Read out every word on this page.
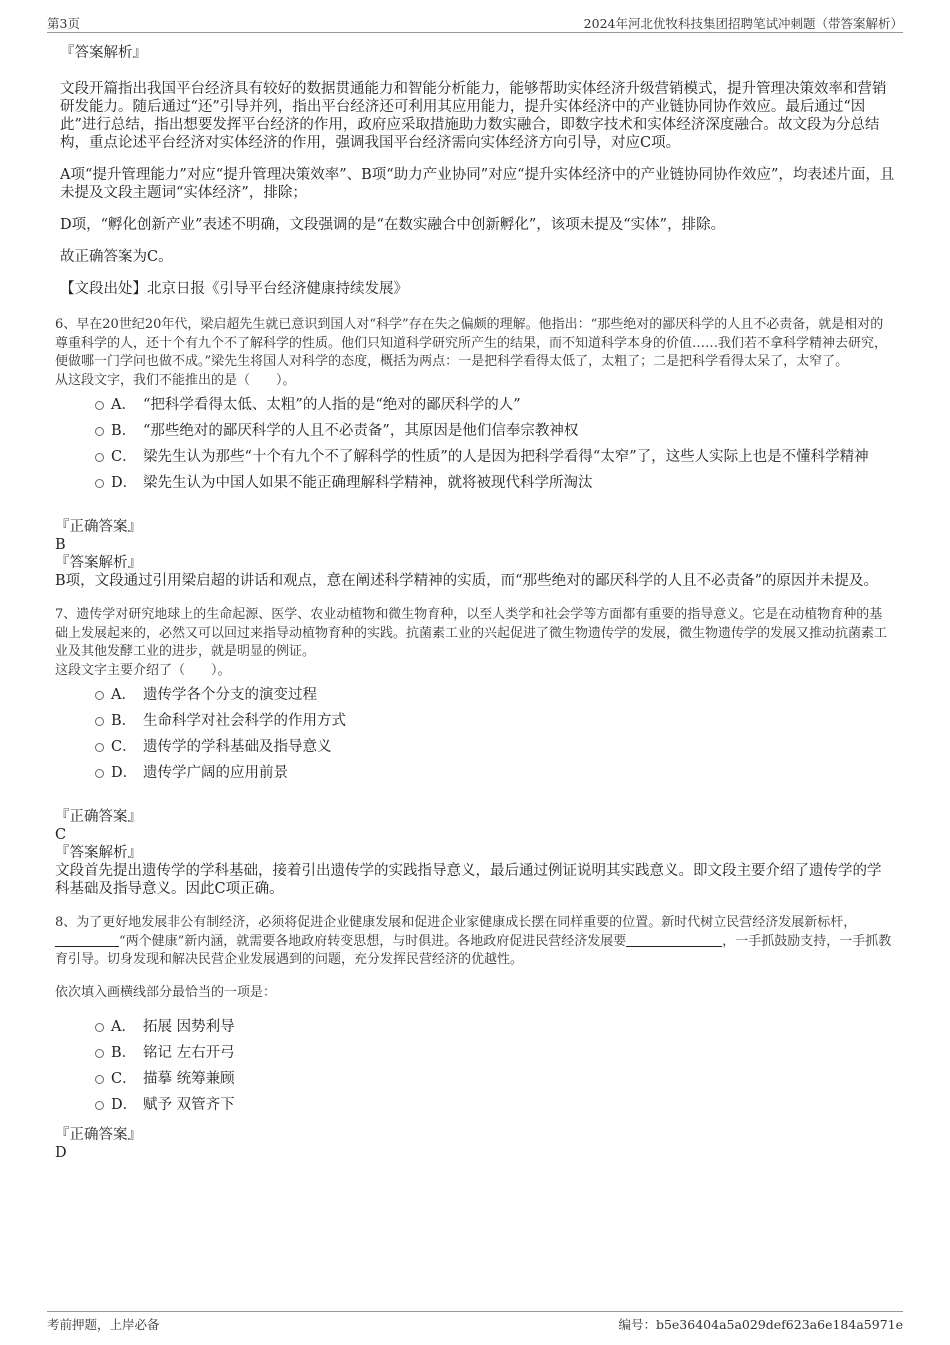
第3页	2024年河北优牧科技集团招聘笔试冲刺题（带答案解析）

『答案解析』

文段开篇指出我国平台经济具有较好的数据贯通能力和智能分析能力，能够帮助实体经济升级营销模式，提升管理决策效率和营销研发能力。随后通过“还”引导并列，指出平台经济还可利用其应用能力，提升实体经济中的产业链协同协作效应。最后通过“因此”进行总结，指出想要发挥平台经济的作用，政府应采取措施助力数实融合，即数字技术和实体经济深度融合。故文段为分总结构，重点论述平台经济对实体经济的作用，强调我国平台经济需向实体经济方向引导，对应C项。

A项“提升管理能力”对应“提升管理决策效率”、B项“助力产业协同”对应“提升实体经济中的产业链协同协作效应”，均表述片面，且未提及文段主题词“实体经济”，排除；

D项，“孵化创新产业”表述不明确，文段强调的是“在数实融合中创新孵化”，该项未提及“实体”，排除。

故正确答案为C。

【文段出处】北京日报《引导平台经济健康持续发展》

6、早在20世纪20年代，梁启超先生就已意识到国人对“科学”存在失之偏颇的理解。他指出：“那些绝对的鄙厌科学的人且不必责备，就是相对的尊重科学的人，还十个有九个不了解科学的性质。他们只知道科学研究所产生的结果，而不知道科学本身的价值……我们若不拿科学精神去研究，便做哪一门学问也做不成。”梁先生将国人对科学的态度，概括为两点：一是把科学看得太低了，太粗了；二是把科学看得太呆了，太窄了。

从这段文字，我们不能推出的是（　　）。

A． “把科学看得太低、太粗”的人指的是“绝对的鄙厌科学的人”

B． “那些绝对的鄙厌科学的人且不必责备”，其原因是他们信奉宗教神权

C． 梁先生认为那些“十个有九个不了解科学的性质”的人是因为把科学看得“太窄”了，这些人实际上也是不懂科学精神

D． 梁先生认为中国人如果不能正确理解科学精神，就将被现代科学所淘汰

『正确答案』

B

『答案解析』

B项，文段通过引用梁启超的讲话和观点，意在阐述科学精神的实质，而“那些绝对的鄙厌科学的人且不必责备”的原因并未提及。

7、遗传学对研究地球上的生命起源、医学、农业动植物和微生物育种，以至人类学和社会学等方面都有重要的指导意义。它是在动植物育种的基础上发展起来的，必然又可以回过来指导动植物育种的实践。抗菌素工业的兴起促进了微生物遗传学的发展，微生物遗传学的发展又推动抗菌素工业及其他发酵工业的进步，就是明显的例证。

这段文字主要介绍了（　　）。

A． 遗传学各个分支的演变过程

B． 生命科学对社会科学的作用方式

C． 遗传学的学科基础及指导意义

D． 遗传学广阔的应用前景

『正确答案』

C

『答案解析』

文段首先提出遗传学的学科基础，接着引出遗传学的实践指导意义，最后通过例证说明其实践意义。即文段主要介绍了遗传学的学科基础及指导意义。因此C项正确。

8、为了更好地发展非公有制经济，必须将促进企业健康发展和促进企业家健康成长摆在同样重要的位置。新时代树立民营经济发展新标杆，“两个健康”新内涵，就需要各地政府转变思想，与时俱进。各地政府促进民营经济发展要	，一手抓鼓励支持，一手抓教育引导。切身发现和解决民营企业发展遇到的问题，充分发挥民营经济的优越性。

依次填入画横线部分最恰当的一项是：

A． 拓展 因势利导

B． 铭记 左右开弓

C． 描摹 统筹兼顾

D． 赋予 双管齐下

『正确答案』

D

考前押题，上岸必备	编号：b5e36404a5a029def623a6e184a5971e
